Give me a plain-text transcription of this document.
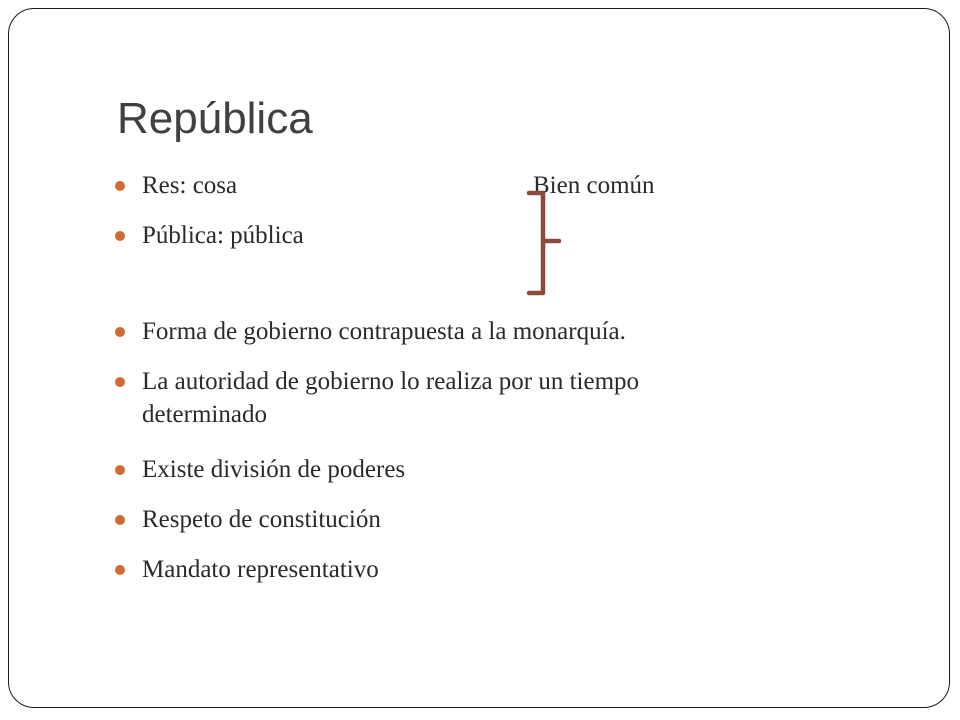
República
Res: cosa	Bien común
Pública: pública
Forma de gobierno contrapuesta a la monarquía.
La autoridad de gobierno lo realiza por un tiempo
determinado
Existe división de poderes
Respeto de constitución
Mandato representativo
